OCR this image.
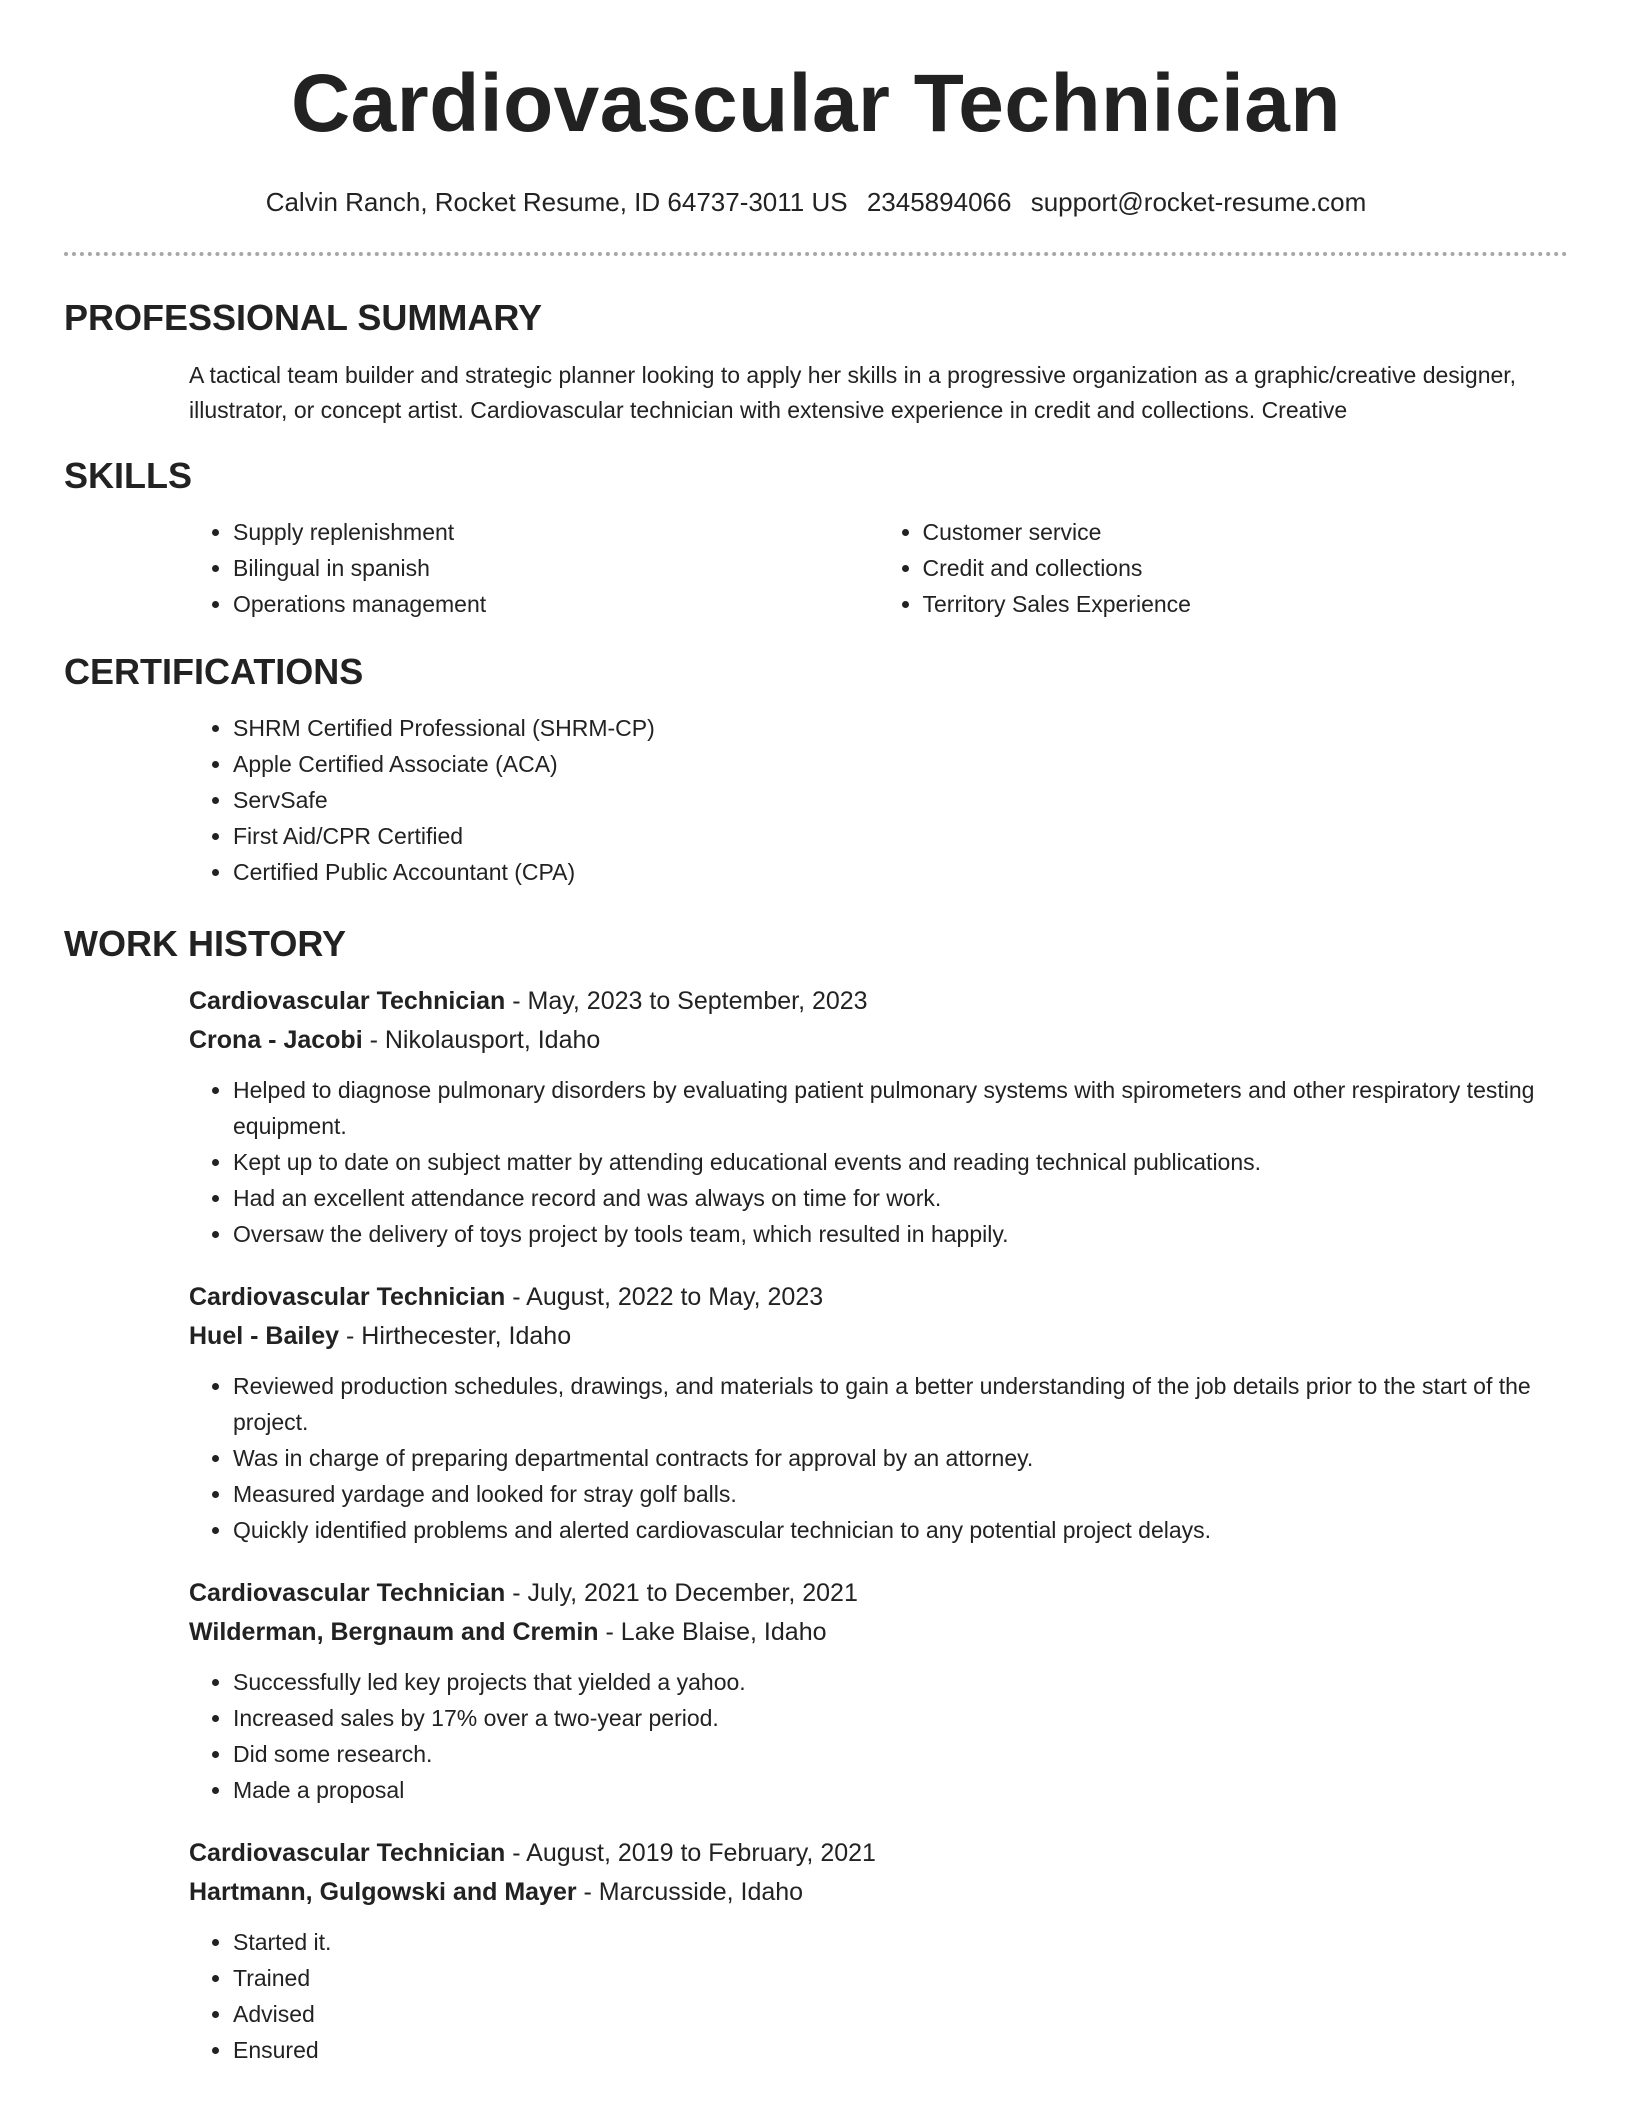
Cardiovascular Technician
Calvin Ranch, Rocket Resume, ID 64737-3011 US 2345894066 support@rocket-resume.com
PROFESSIONAL SUMMARY

A tactical team builder and strategic planner looking to apply her skills in a progressive organization as a graphic/creative designer, illustrator, or concept artist. Cardiovascular technician with extensive experience in credit and collections. Creative

SKILLS
• Supply replenishment
• Bilingual in spanish
• Operations management
• Customer service
• Credit and collections
• Territory Sales Experience
CERTIFICATIONS
• SHRM Certified Professional (SHRM-CP)
• Apple Certified Associate (ACA)
• ServSafe
• First Aid/CPR Certified
• Certified Public Accountant (CPA)
WORK HISTORY

Cardiovascular Technician - May, 2023 to September, 2023

Crona - Jacobi - Nikolausport, Idaho

• Helped to diagnose pulmonary disorders by evaluating patient pulmonary systems with spirometers and other respiratory testing equipment.
• Kept up to date on subject matter by attending educational events and reading technical publications.
• Had an excellent attendance record and was always on time for work.
• Oversaw the delivery of toys project by tools team, which resulted in happily.

Cardiovascular Technician - August, 2022 to May, 2023

Huel - Bailey - Hirthecester, Idaho

• Reviewed production schedules, drawings, and materials to gain a better understanding of the job details prior to the start of the project.
• Was in charge of preparing departmental contracts for approval by an attorney.
• Measured yardage and looked for stray golf balls.
• Quickly identified problems and alerted cardiovascular technician to any potential project delays.

Cardiovascular Technician - July, 2021 to December, 2021

Wilderman, Bergnaum and Cremin - Lake Blaise, Idaho

• Successfully led key projects that yielded a yahoo.
• Increased sales by 17% over a two-year period.
• Did some research.
• Made a proposal

Cardiovascular Technician - August, 2019 to February, 2021

Hartmann, Gulgowski and Mayer - Marcusside, Idaho

• Started it.
• Trained
• Advised
• Ensured
